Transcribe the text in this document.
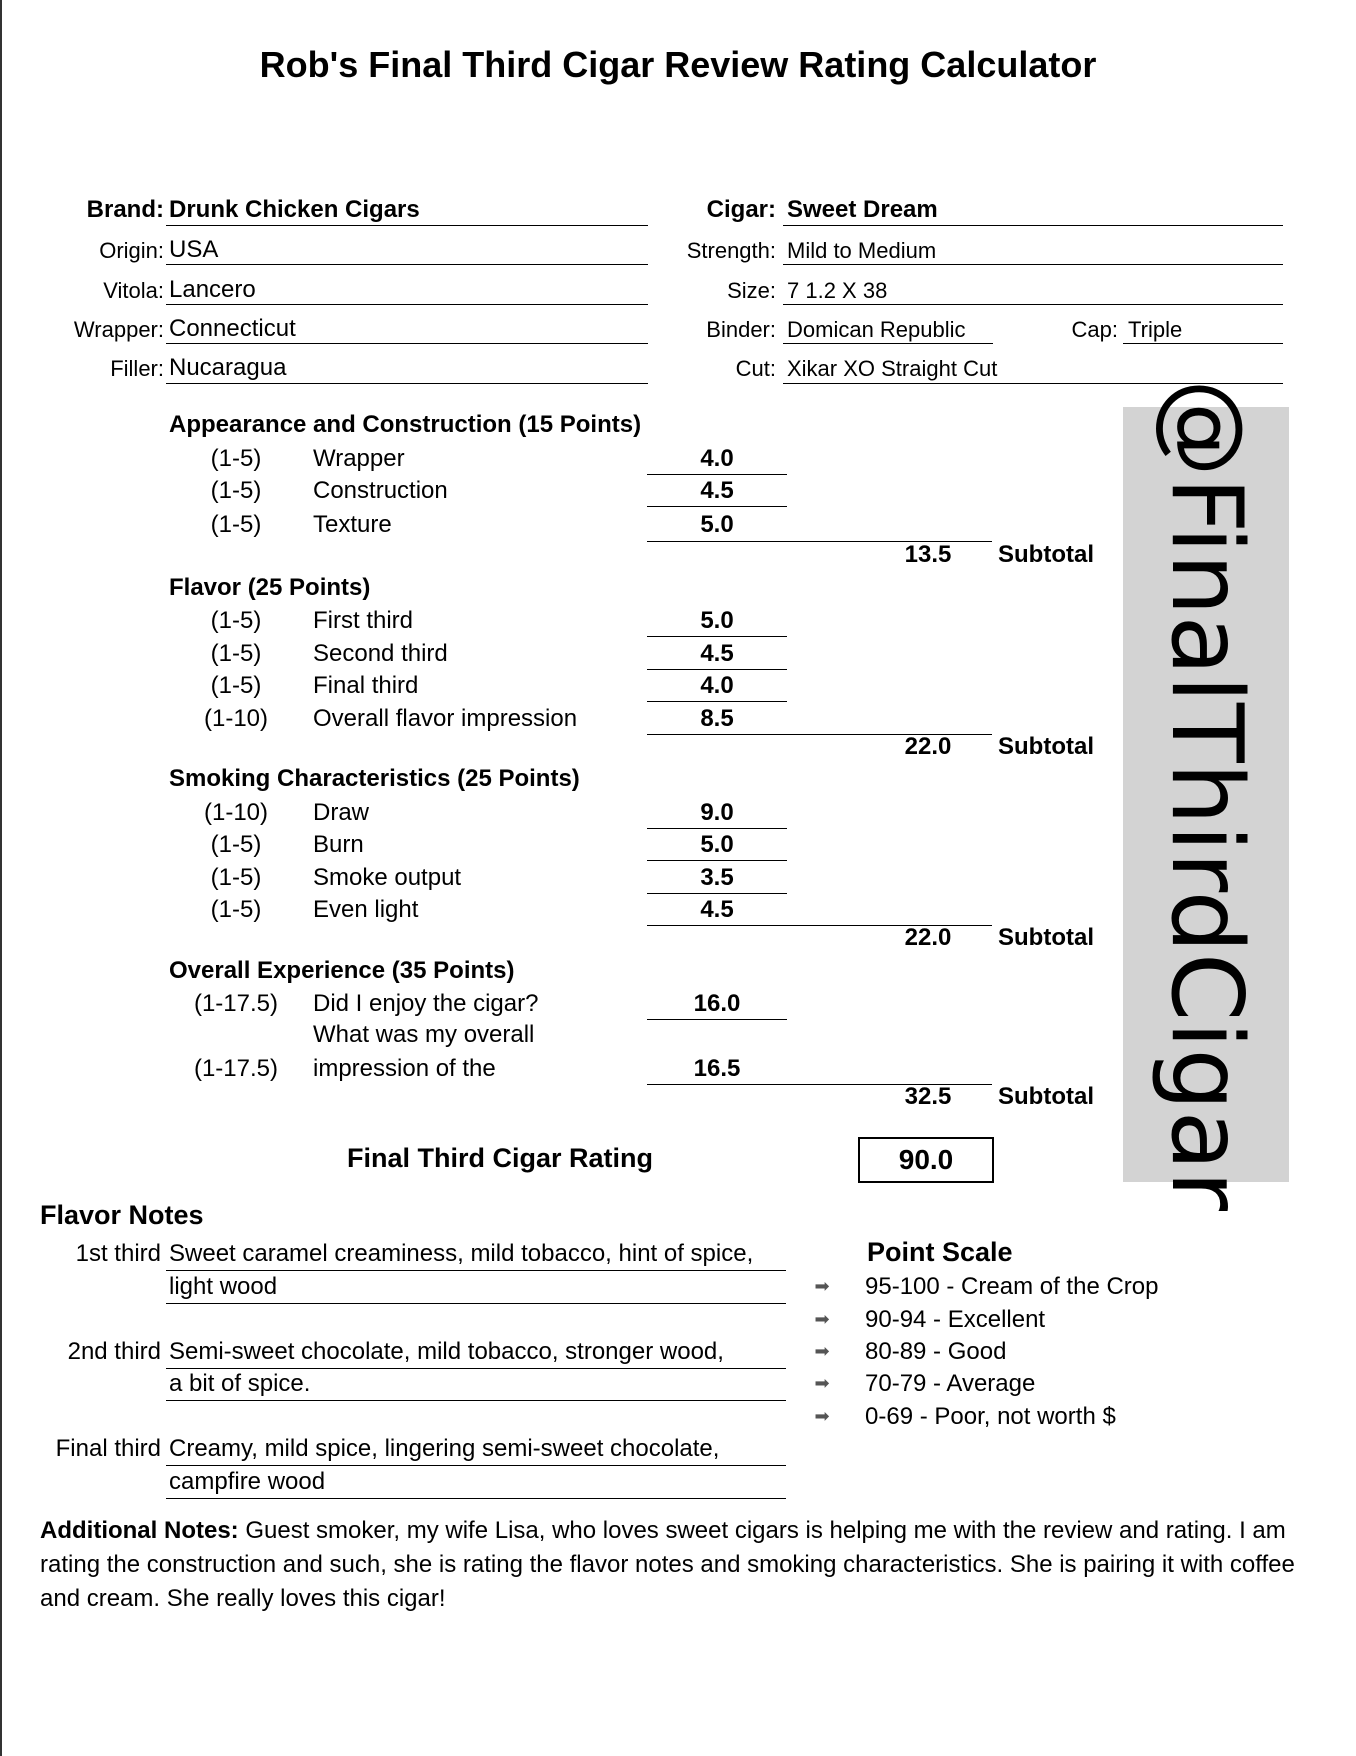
Rob's Final Third Cigar Review Rating Calculator
Brand: Drunk Chicken Cigars
Origin: USA
Vitola: Lancero
Wrapper: Connecticut
Filler: Nucaragua
Cigar: Sweet Dream
Strength: Mild to Medium
Size: 7 1.2 X 38
Binder: Domican Republic	Cap: Triple
Cut: Xikar XO Straight Cut
@FinalThirdCigar
Appearance and Construction (15 Points)
(1-5)	Wrapper	4.0
(1-5)	Construction	4.5
(1-5)	Texture	5.0
13.5	Subtotal
Flavor (25 Points)
(1-5)	First third	5.0
(1-5)	Second third	4.5
(1-5)	Final third	4.0
(1-10)	Overall flavor impression	8.5
22.0	Subtotal
Smoking Characteristics (25 Points)
(1-10)	Draw	9.0
(1-5)	Burn	5.0
(1-5)	Smoke output	3.5
(1-5)	Even light	4.5
22.0	Subtotal
Overall Experience (35 Points)
(1-17.5)	Did I enjoy the cigar?	16.0
What was my overall
(1-17.5)	impression of the	16.5
32.5	Subtotal
Final Third Cigar Rating	90.0
Flavor Notes
1st third Sweet caramel creaminess, mild tobacco, hint of spice,
light wood
2nd third Semi-sweet chocolate, mild tobacco, stronger wood,
a bit of spice.
Final third Creamy, mild spice, lingering semi-sweet chocolate,
campfire wood
Point Scale
➡	95-100 - Cream of the Crop
➡	90-94 - Excellent
➡	80-89 - Good
➡	70-79 - Average
➡	0-69 - Poor, not worth $
Additional Notes: Guest smoker, my wife Lisa, who loves sweet cigars is helping me with the review and rating. I am rating the construction and such, she is rating the flavor notes and smoking characteristics. She is pairing it with coffee and cream. She really loves this cigar!
